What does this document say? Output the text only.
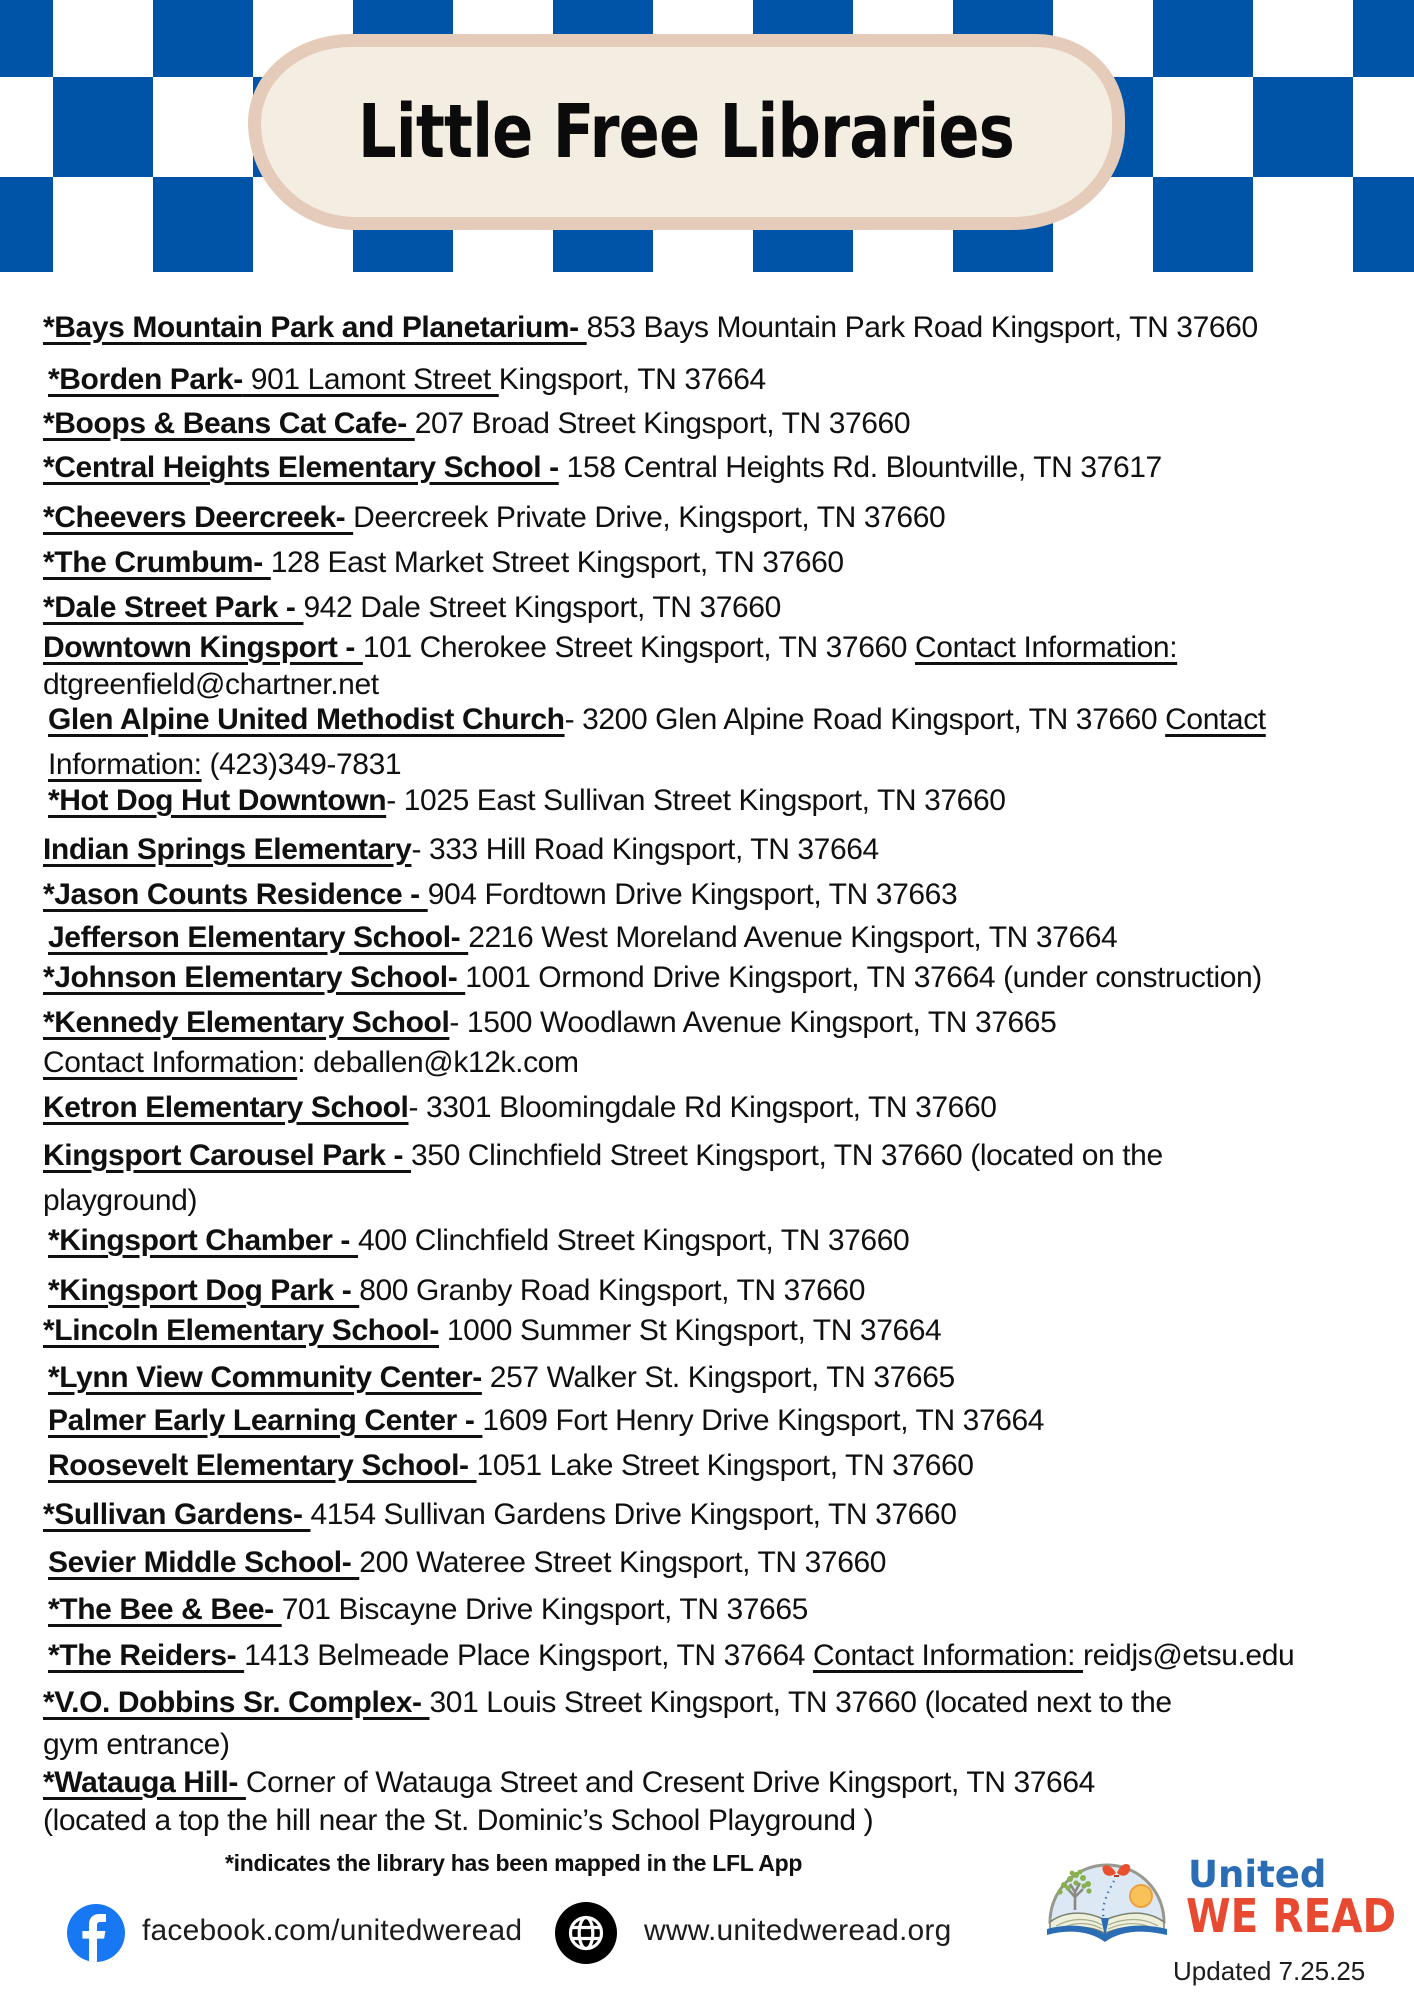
Little Free Libraries
*Bays Mountain Park and Planetarium- 853 Bays Mountain Park Road Kingsport, TN 37660
*Borden Park- 901 Lamont Street Kingsport, TN 37664
*Boops & Beans Cat Cafe- 207 Broad Street Kingsport, TN 37660
*Central Heights Elementary School - 158 Central Heights Rd. Blountville, TN 37617
*Cheevers Deercreek- Deercreek Private Drive, Kingsport, TN 37660
*The Crumbum- 128 East Market Street Kingsport, TN 37660
*Dale Street Park - 942 Dale Street Kingsport, TN 37660
Downtown Kingsport - 101 Cherokee Street Kingsport, TN 37660 Contact Information:
dtgreenfield@chartner.net
Glen Alpine United Methodist Church- 3200 Glen Alpine Road Kingsport, TN 37660 Contact
Information: (423)349-7831
*Hot Dog Hut Downtown- 1025 East Sullivan Street Kingsport, TN 37660
Indian Springs Elementary- 333 Hill Road Kingsport, TN 37664
*Jason Counts Residence - 904 Fordtown Drive Kingsport, TN 37663
Jefferson Elementary School- 2216 West Moreland Avenue Kingsport, TN 37664
*Johnson Elementary School- 1001 Ormond Drive Kingsport, TN 37664 (under construction)
*Kennedy Elementary School- 1500 Woodlawn Avenue Kingsport, TN 37665
Contact Information: deballen@k12k.com
Ketron Elementary School- 3301 Bloomingdale Rd Kingsport, TN 37660
Kingsport Carousel Park - 350 Clinchfield Street Kingsport, TN 37660 (located on the
playground)
*Kingsport Chamber - 400 Clinchfield Street Kingsport, TN 37660
*Kingsport Dog Park - 800 Granby Road Kingsport, TN 37660
*Lincoln Elementary School- 1000 Summer St Kingsport, TN 37664
*Lynn View Community Center- 257 Walker St. Kingsport, TN 37665
Palmer Early Learning Center - 1609 Fort Henry Drive Kingsport, TN 37664
Roosevelt Elementary School- 1051 Lake Street Kingsport, TN 37660
*Sullivan Gardens- 4154 Sullivan Gardens Drive Kingsport, TN 37660
Sevier Middle School- 200 Wateree Street Kingsport, TN 37660
*The Bee & Bee- 701 Biscayne Drive Kingsport, TN 37665
*The Reiders- 1413 Belmeade Place Kingsport, TN 37664 Contact Information: reidjs@etsu.edu
*V.O. Dobbins Sr. Complex- 301 Louis Street Kingsport, TN 37660 (located next to the
gym entrance)
*Watauga Hill- Corner of Watauga Street and Cresent Drive Kingsport, TN 37664
(located a top the hill near the St. Dominic’s School Playground )
*indicates the library has been mapped in the LFL App
facebook.com/unitedweread	www.unitedweread.org
United
WE READ
Updated 7.25.25
